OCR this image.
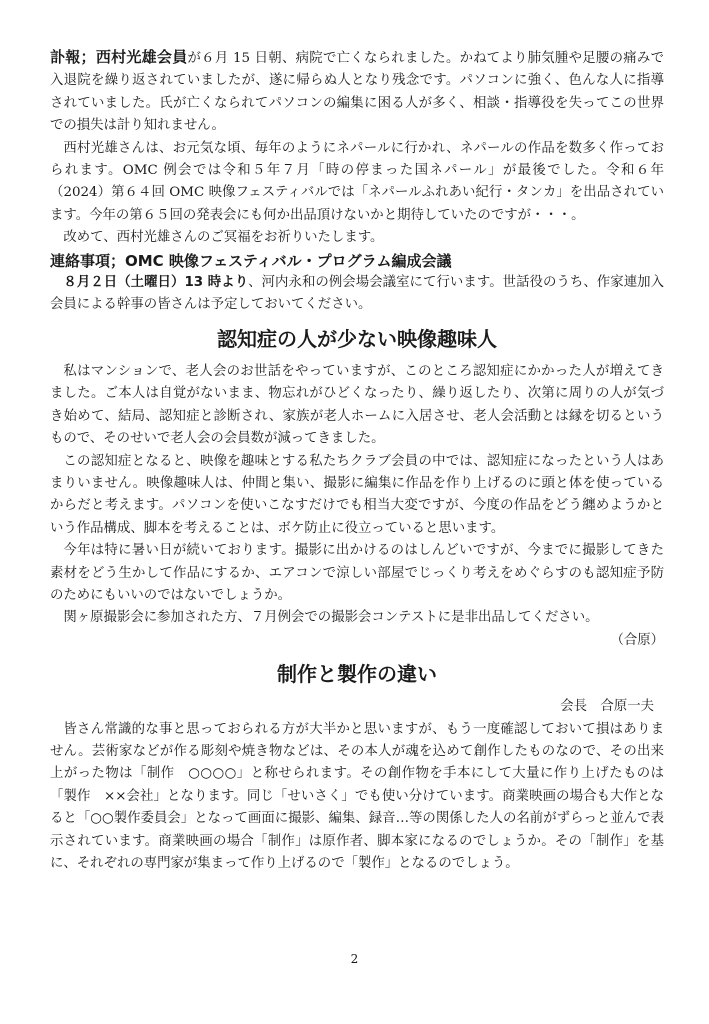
訃報；西村光雄会員が６月 15 日朝、病院で亡くなられました。かねてより肺気腫や足腰の痛みで入退院を繰り返されていましたが、遂に帰らぬ人となり残念です。パソコンに強く、色んな人に指導されていました。氏が亡くなられてパソコンの編集に困る人が多く、相談・指導役を失ってこの世界での損失は計り知れません。

西村光雄さんは、お元気な頃、毎年のようにネパールに行かれ、ネパールの作品を数多く作っておられます。OMC 例会では令和５年７月「時の停まった国ネパール」が最後でした。令和６年（2024）第６４回 OMC 映像フェスティバルでは「ネパールふれあい紀行・タンカ」を出品されています。今年の第６５回の発表会にも何か出品頂けないかと期待していたのですが・・・。

改めて、西村光雄さんのご冥福をお祈りいたします。

連絡事項；OMC 映像フェスティバル・プログラム編成会議

８月２日（土曜日）13 時より、河内永和の例会場会議室にて行います。世話役のうち、作家連加入会員による幹事の皆さんは予定しておいてください。

認知症の人が少ない映像趣味人

私はマンションで、老人会のお世話をやっていますが、このところ認知症にかかった人が増えてきました。ご本人は自覚がないまま、物忘れがひどくなったり、繰り返したり、次第に周りの人が気づき始めて、結局、認知症と診断され、家族が老人ホームに入居させ、老人会活動とは縁を切るというもので、そのせいで老人会の会員数が減ってきました。

この認知症となると、映像を趣味とする私たちクラブ会員の中では、認知症になったという人はあまりいません。映像趣味人は、仲間と集い、撮影に編集に作品を作り上げるのに頭と体を使っているからだと考えます。パソコンを使いこなすだけでも相当大変ですが、今度の作品をどう纏めようかという作品構成、脚本を考えることは、ボケ防止に役立っていると思います。

今年は特に暑い日が続いております。撮影に出かけるのはしんどいですが、今までに撮影してきた素材をどう生かして作品にするか、エアコンで涼しい部屋でじっくり考えをめぐらすのも認知症予防のためにもいいのではないでしょうか。

関ヶ原撮影会に参加された方、７月例会での撮影会コンテストに是非出品してください。

（合原）

制作と製作の違い

会長　合原一夫

皆さん常識的な事と思っておられる方が大半かと思いますが、もう一度確認しておいて損はありません。芸術家などが作る彫刻や焼き物などは、その本人が魂を込めて創作したものなので、その出来上がった物は「制作　○○○○」と称せられます。その創作物を手本にして大量に作り上げたものは「製作　××会社」となります。同じ「せいさく」でも使い分けています。商業映画の場合も大作となると「○○製作委員会」となって画面に撮影、編集、録音…等の関係した人の名前がずらっと並んで表示されています。商業映画の場合「制作」は原作者、脚本家になるのでしょうか。その「制作」を基に、それぞれの専門家が集まって作り上げるので「製作」となるのでしょう。

2
